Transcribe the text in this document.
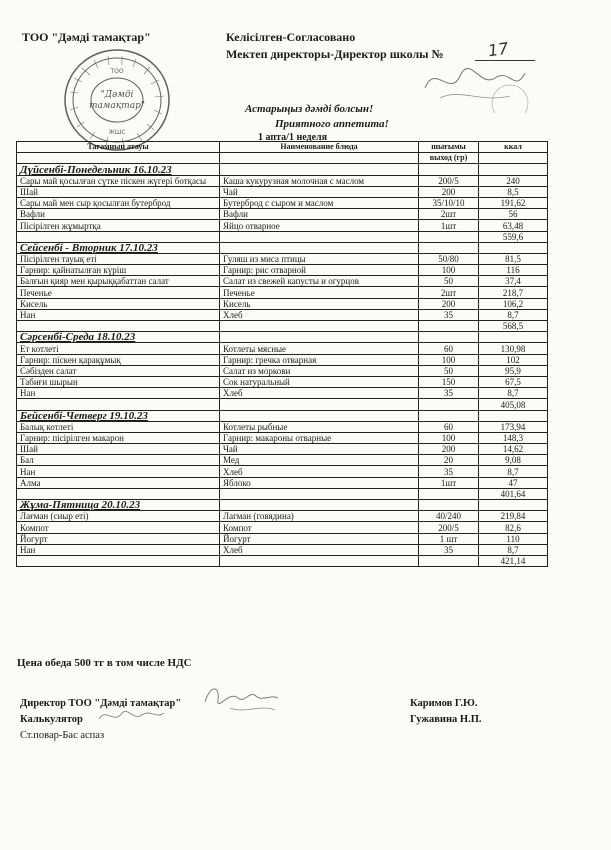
ТОО "Дәмді тамақтар"	Келісілген-Согласовано
Мектеп директоры-Директор школы №	17
ТОО
"Дәмді
тамақтар"
ЖШС
Астарыңыз дәмді болсын!
Приятного аппетита!
1 апта/1 неделя
Тағамның атауы	Наименование блюда	шығымы	ккал
		выход (гр)	
Дүйсенбі-Понедельник 16.10.23			
Сары май қосылған сүтке піскен жүгері ботқасы	Каша кукурузная молочная с маслом	200/5	240
Шай	Чай	200	8,5
Сары май мен сыр қосылған бутерброд	Бутерброд с сыром и маслом	35/10/10	191,62
Вафли	Вафли	2шт	56
Пісірілген жұмыртқа	Яйцо отварное	1шт	63,48
			559,6
Сейсенбі - Вторник 17.10.23			
Пісірілген тауық еті	Гуляш из миса птицы	50/80	81,5
Гарнир: қайнатылған күріш	Гарнир: рис отварной	100	116
Балғын қияр мен қырыққабаттан салат	Салат из свежей капусты и огурцов	50	37,4
Печенье	Печенье	2шт	218,7
Кисель	Кисель	200	106,2
Нан	Хлеб	35	8,7
			568,5
Сәрсенбі-Среда 18.10.23			
Ет котлеті	Котлеты мясные	60	130,98
Гарнир: піскен қарақұмық	Гарнир: гречка отварная	100	102
Сәбізден салат	Салат из моркови	50	95,9
Табиғи шырын	Сок натуральный	150	67,5
Нан	Хлеб	35	8,7
			405,08
Бейсенбі-Четверг 19.10.23			
Балық котлеті	Котлеты рыбные	60	173,94
Гарнир: пісірілген макарон	Гарнир: макароны отварные	100	148,3
Шай	Чай	200	14,62
Бал	Мед	20	9,08
Нан	Хлеб	35	8,7
Алма	Яблоко	1шт	47
			401,64
Жұма-Пятница 20.10.23			
Лағман (сиыр еті)	Лагман (говядина)	40/240	219,84
Компот	Компот	200/5	82,6
Йогурт	Йогурт	1 шт	110
Нан	Хлеб	35	8,7
			421,14
Цена обеда 500 тг в том числе НДС
Директор ТОО "Дәмді тамақтар"	Каримов Г.Ю.
Калькулятор	Гужавина Н.П.
Ст.повар-Бас аспаз
